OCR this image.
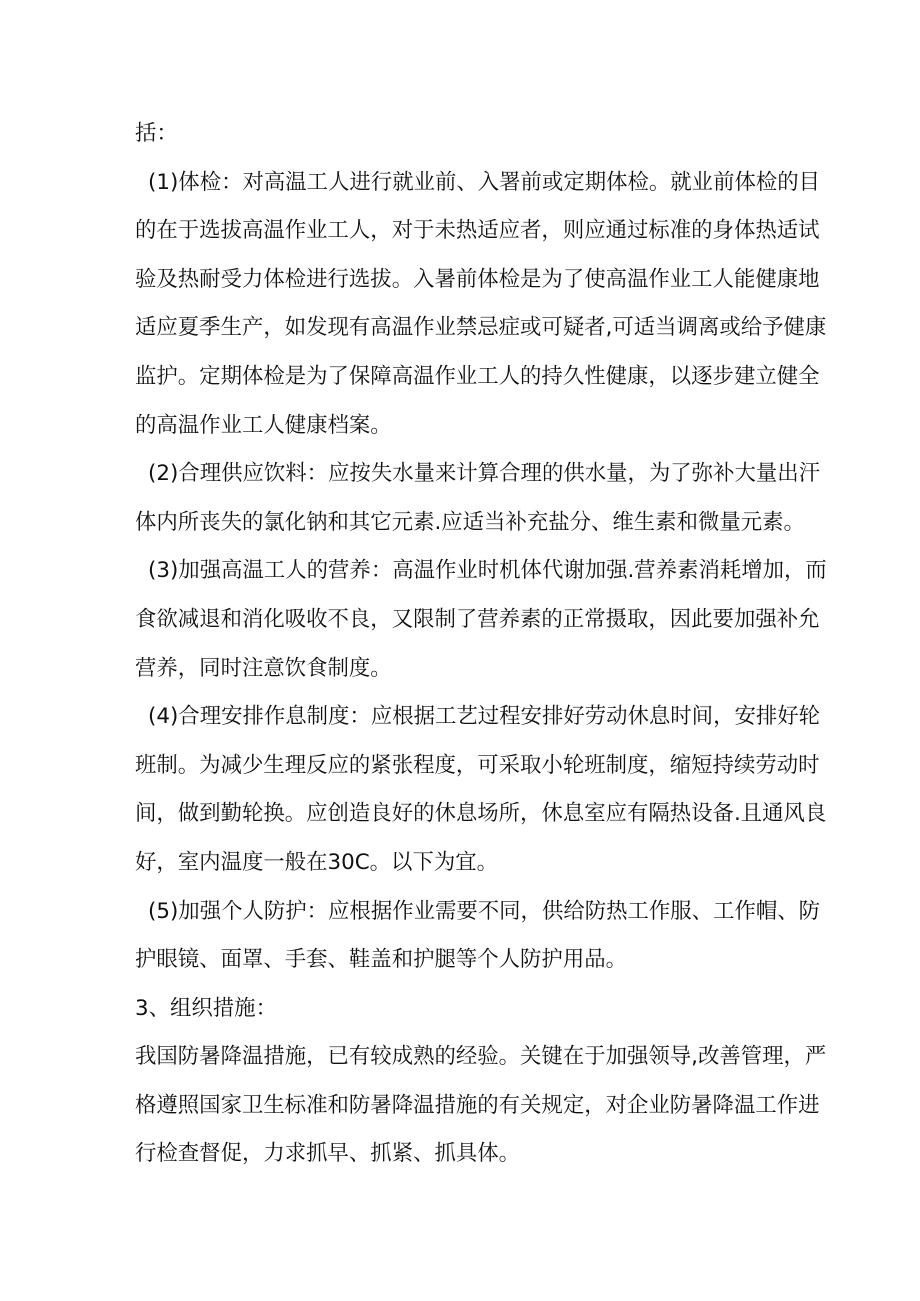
括：
(1)体检：对高温工人进行就业前、入署前或定期体检。就业前体检的目
的在于选拔高温作业工人，对于未热适应者，则应通过标准的身体热适试
验及热耐受力体检进行选拔。入暑前体检是为了使高温作业工人能健康地
适应夏季生产，如发现有高温作业禁忌症或可疑者,可适当调离或给予健康
监护。定期体检是为了保障高温作业工人的持久性健康，以逐步建立健全
的高温作业工人健康档案。
(2)合理供应饮料：应按失水量来计算合理的供水量，为了弥补大量出汗
体内所丧失的氯化钠和其它元素.应适当补充盐分、维生素和微量元素。
(3)加强高温工人的营养：高温作业时机体代谢加强.营养素消耗增加，而
食欲减退和消化吸收不良，又限制了营养素的正常摄取，因此要加强补允
营养，同时注意饮食制度。
(4)合理安排作息制度：应根据工艺过程安排好劳动休息时间，安排好轮
班制。为减少生理反应的紧张程度，可采取小轮班制度，缩短持续劳动时
间，做到勤轮换。应创造良好的休息场所，休息室应有隔热设备.且通风良
好，室内温度一般在30C。以下为宜。
(5)加强个人防护：应根据作业需要不同，供给防热工作服、工作帽、防
护眼镜、面罩、手套、鞋盖和护腿等个人防护用品。
3、组织措施：
我国防暑降温措施，已有较成熟的经验。关键在于加强领导,改善管理，严
格遵照国家卫生标准和防暑降温措施的有关规定，对企业防暑降温工作进
行检查督促，力求抓早、抓紧、抓具体。
